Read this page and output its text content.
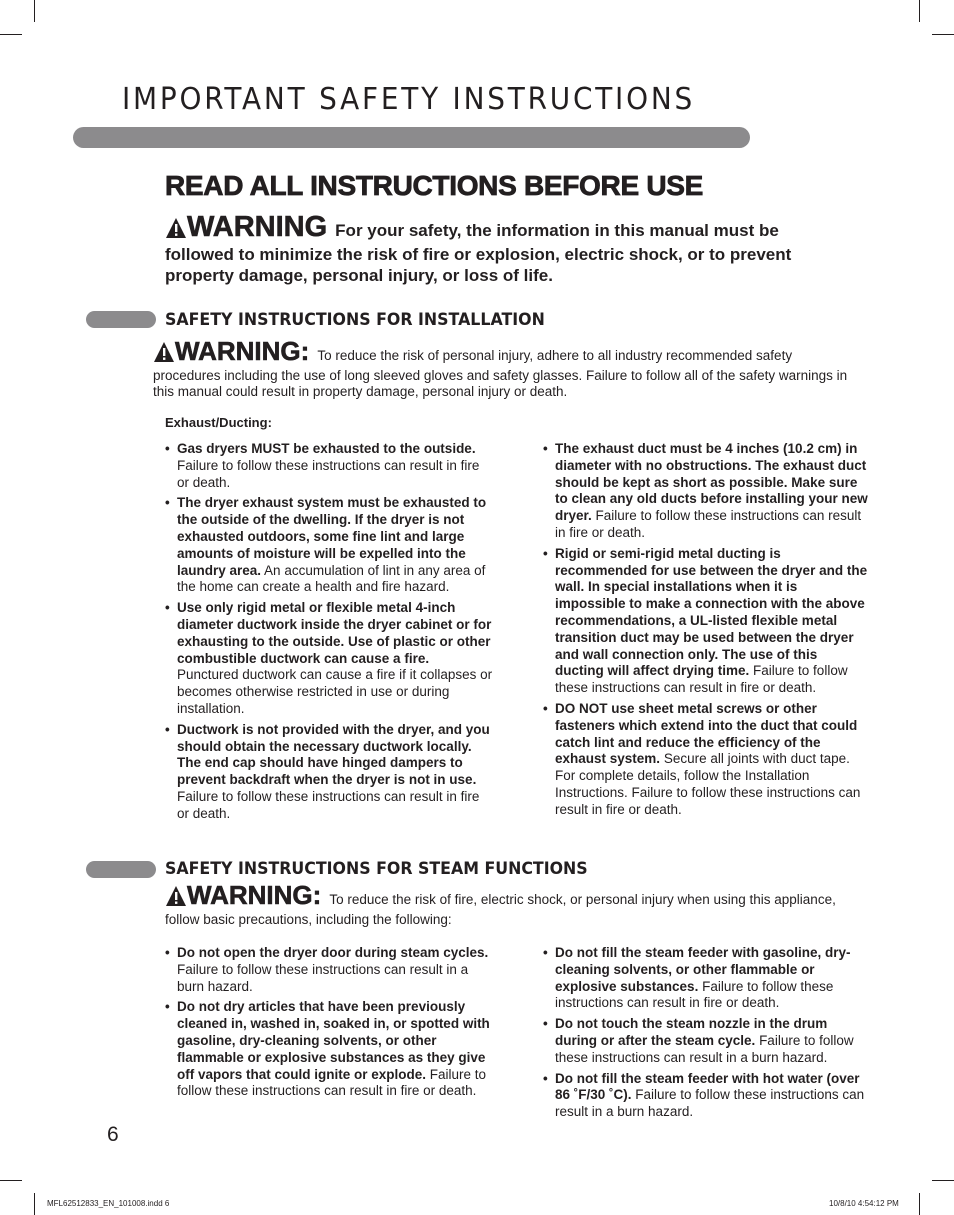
IMPORTANT SAFETY INSTRUCTIONS
READ ALL INSTRUCTIONS BEFORE USE
WARNING For your safety, the information in this manual must be followed to minimize the risk of fire or explosion, electric shock, or to prevent property damage, personal injury, or loss of life.
SAFETY INSTRUCTIONS FOR INSTALLATION
WARNING: To reduce the risk of personal injury, adhere to all industry recommended safety procedures including the use of long sleeved gloves and safety glasses. Failure to follow all of the safety warnings in this manual could result in property damage, personal injury or death.

Exhaust/Ducting:

• Gas dryers MUST be exhausted to the outside. Failure to follow these instructions can result in fire or death.
• The dryer exhaust system must be exhausted to the outside of the dwelling. If the dryer is not exhausted outdoors, some fine lint and large amounts of moisture will be expelled into the laundry area. An accumulation of lint in any area of the home can create a health and fire hazard.
• Use only rigid metal or flexible metal 4-inch diameter ductwork inside the dryer cabinet or for exhausting to the outside. Use of plastic or other combustible ductwork can cause a fire. Punctured ductwork can cause a fire if it collapses or becomes otherwise restricted in use or during installation.
• Ductwork is not provided with the dryer, and you should obtain the necessary ductwork locally. The end cap should have hinged dampers to prevent backdraft when the dryer is not in use. Failure to follow these instructions can result in fire or death.
• The exhaust duct must be 4 inches (10.2 cm) in diameter with no obstructions. The exhaust duct should be kept as short as possible. Make sure to clean any old ducts before installing your new dryer. Failure to follow these instructions can result in fire or death.
• Rigid or semi-rigid metal ducting is recommended for use between the dryer and the wall. In special installations when it is impossible to make a connection with the above recommendations, a UL-listed flexible metal transition duct may be used between the dryer and wall connection only. The use of this ducting will affect drying time. Failure to follow these instructions can result in fire or death.
• DO NOT use sheet metal screws or other fasteners which extend into the duct that could catch lint and reduce the efficiency of the exhaust system. Secure all joints with duct tape. For complete details, follow the Installation Instructions. Failure to follow these instructions can result in fire or death.
SAFETY INSTRUCTIONS FOR STEAM FUNCTIONS
WARNING: To reduce the risk of fire, electric shock, or personal injury when using this appliance, follow basic precautions, including the following:
• Do not open the dryer door during steam cycles. Failure to follow these instructions can result in a burn hazard.
• Do not dry articles that have been previously cleaned in, washed in, soaked in, or spotted with gasoline, dry-cleaning solvents, or other flammable or explosive substances as they give off vapors that could ignite or explode. Failure to follow these instructions can result in fire or death.
• Do not fill the steam feeder with gasoline, dry-cleaning solvents, or other flammable or explosive substances. Failure to follow these instructions can result in fire or death.
• Do not touch the steam nozzle in the drum during or after the steam cycle. Failure to follow these instructions can result in a burn hazard.
• Do not fill the steam feeder with hot water (over 86 ˚F/30 ˚C). Failure to follow these instructions can result in a burn hazard.
6
MFL62512833_EN_101008.indd 6	10/8/10 4:54:12 PM
